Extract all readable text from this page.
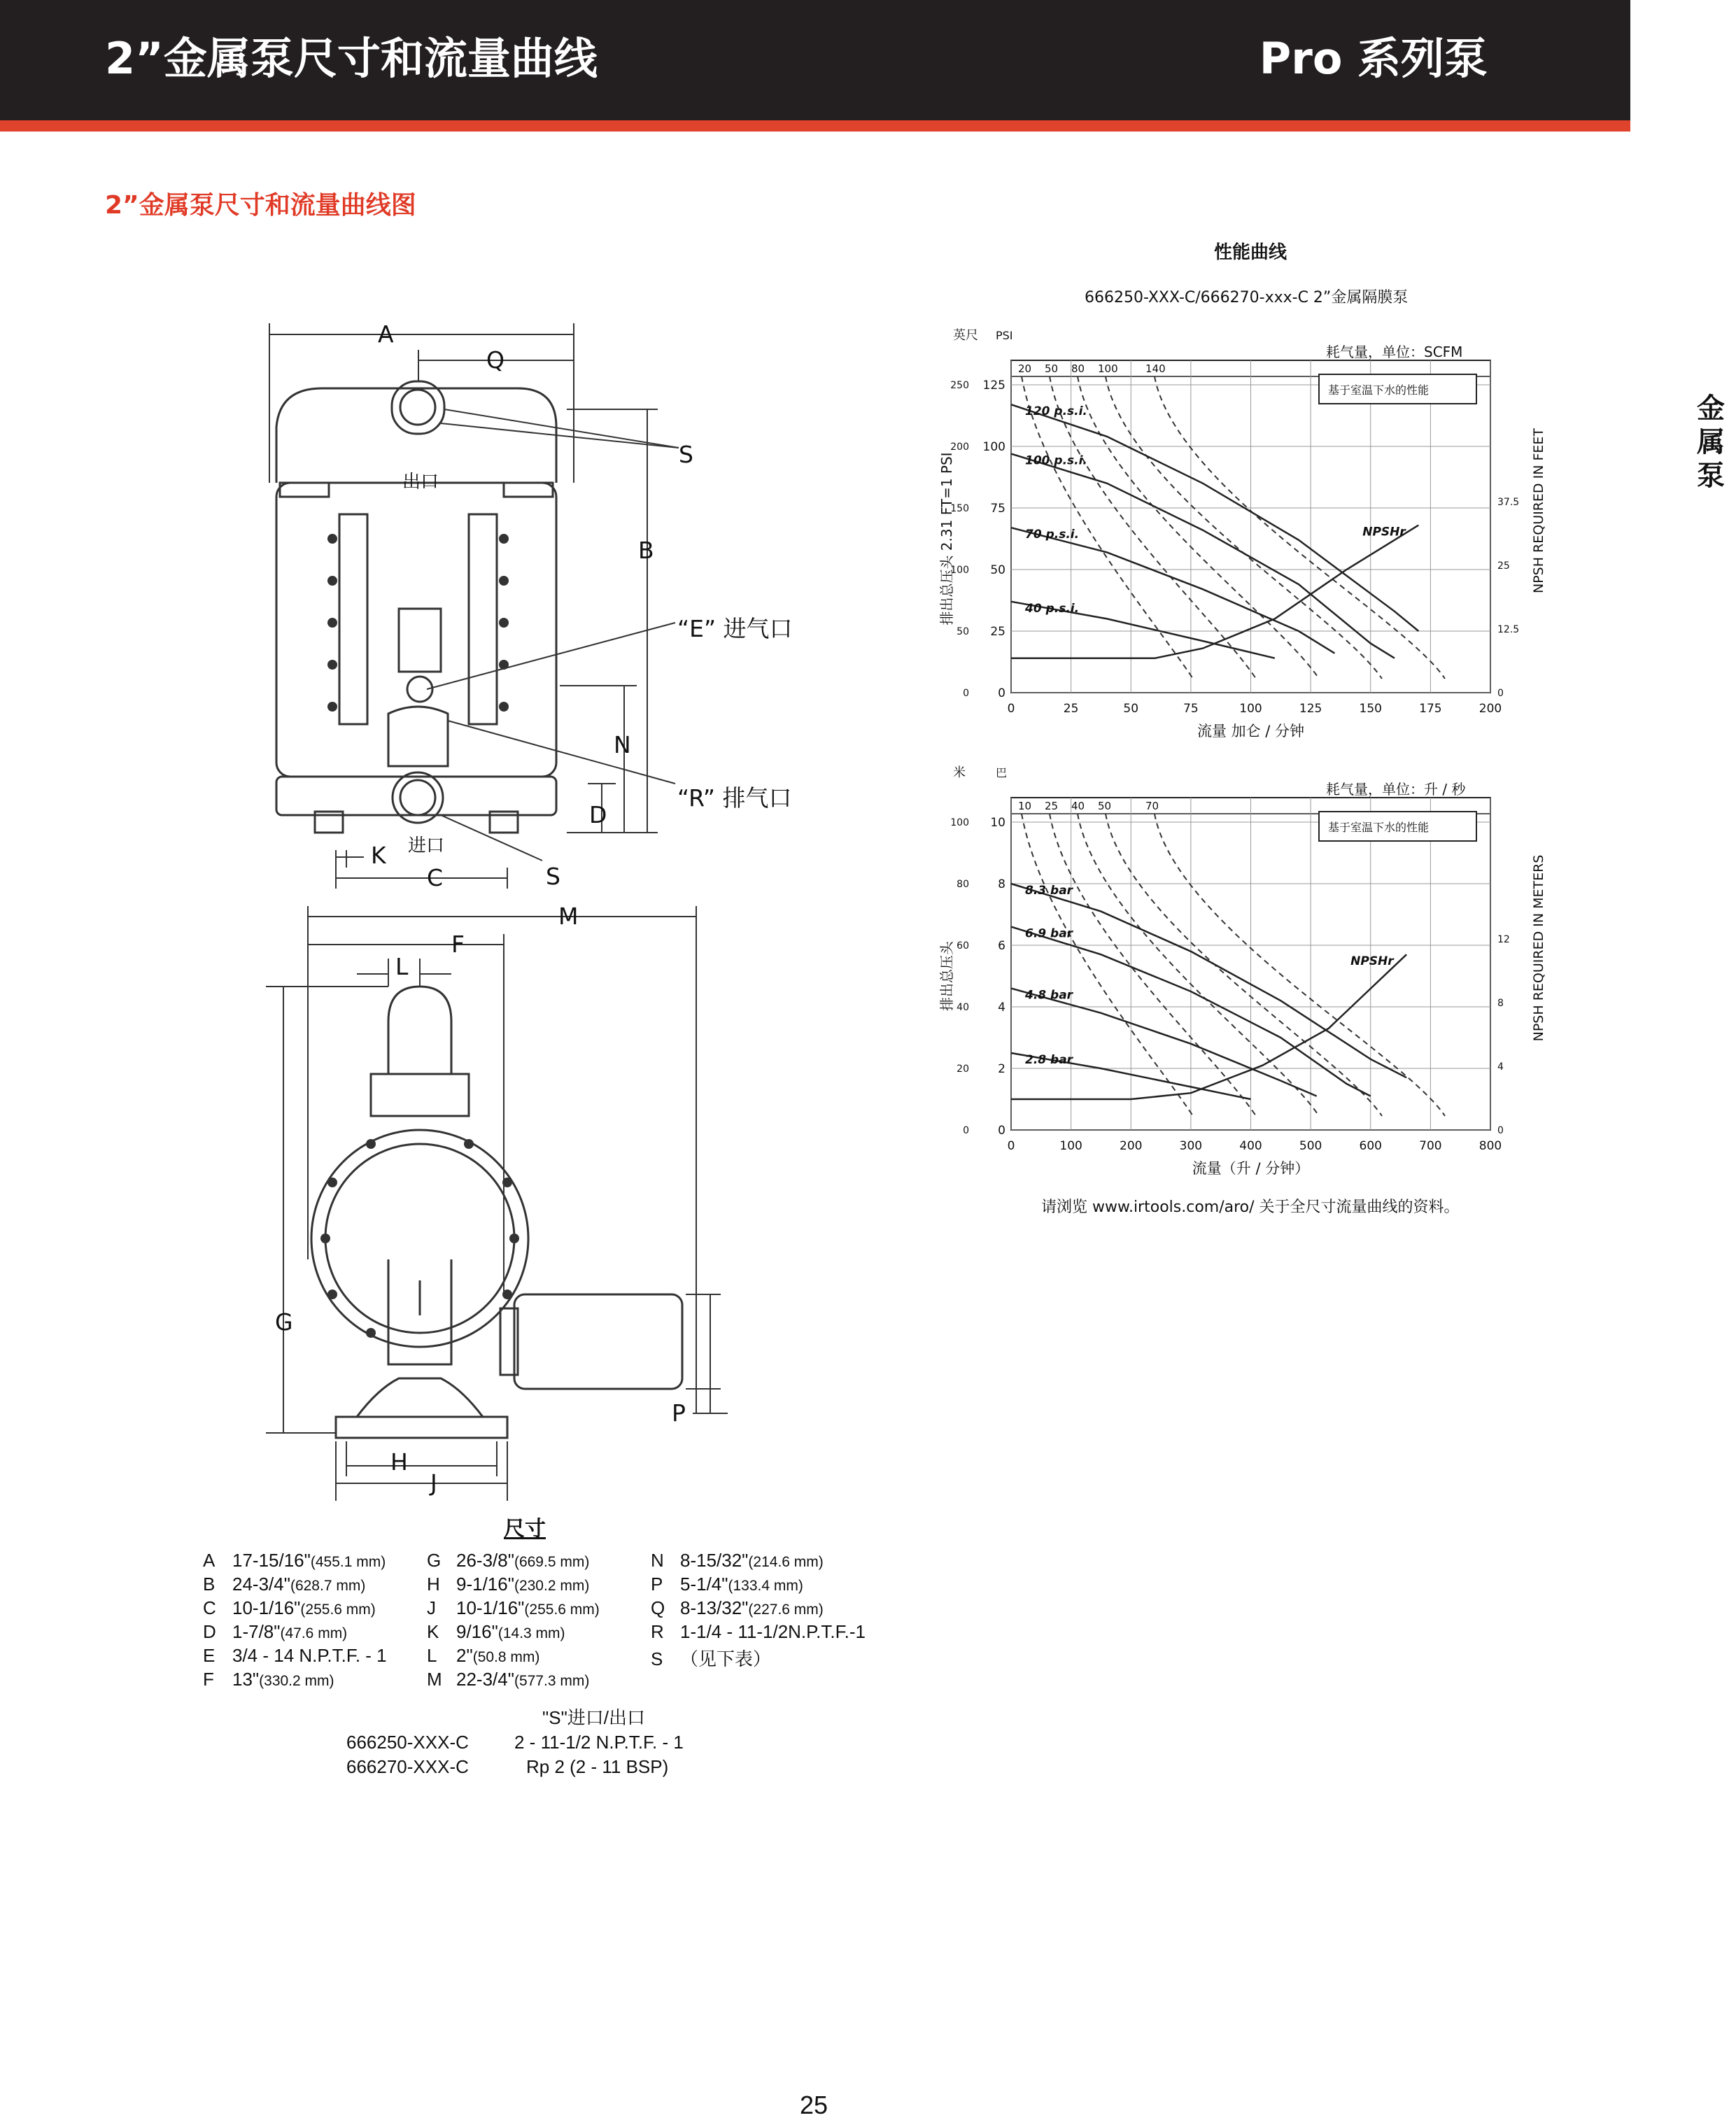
2”金属泵尺寸和流量曲线	Pro 系列泵
金属泵
2”金属泵尺寸和流量曲线图
A
Q
S
B
“E” 进气口
N
“R” 排气口
D
K
C	S
出口
进口
M
F
L
G
P
H
J
尺寸
A 17-15/16"(455.1 mm)
B 24-3/4"(628.7 mm)
C 10-1/16"(255.6 mm)
D 1-7/8"(47.6 mm)
E 3/4 - 14 N.P.T.F. - 1
F 13"(330.2 mm)
G 26-3/8"(669.5 mm)
H 9-1/16"(230.2 mm)
J 10-1/16"(255.6 mm)
K 9/16"(14.3 mm)
L 2"(50.8 mm)
M 22-3/4"(577.3 mm)
N 8-15/32"(214.6 mm)
P 5-1/4"(133.4 mm)
Q 8-13/32"(227.6 mm)
R 1-1/4 - 11-1/2N.P.T.F.-1
S （见下表）
"S"进口/出口
666250-XXX-C	2 - 11-1/2 N.P.T.F. - 1
666270-XXX-C	Rp 2 (2 - 11 BSP)
性能曲线
666250-XXX-C/666270-xxx-C 2”金属隔膜泵
0	25	50	75	100	125	150	175	200
0
25
50
75
100
125
0
50
100
150
200
250
0
12.5
25
37.5
20 50 80 100	140
耗气量，单位：SCFM
基于室温下水的性能
流量 加仑 / 分钟
排出总压头 2.31 FT=1 PSI
英尺 PSI
NPSH REQUIRED IN FEET
120 p.s.i.
100 p.s.i.
70 p.s.i.
40 p.s.i.
NPSHr
0	100	200	300	400	500	600	700	800
0
2
4
6
8
10
0
20
40
60
80
100
0
4
8
12
10 25 40 50	70
耗气量，单位：升 / 秒
基于室温下水的性能
流量（升 / 分钟）
排出总压头
米	巴
NPSH REQUIRED IN METERS
8.3 bar
6.9 bar
4.8 bar
2.8 bar
NPSHr
请浏览 www.irtools.com/aro/ 关于全尺寸流量曲线的资料。
25
